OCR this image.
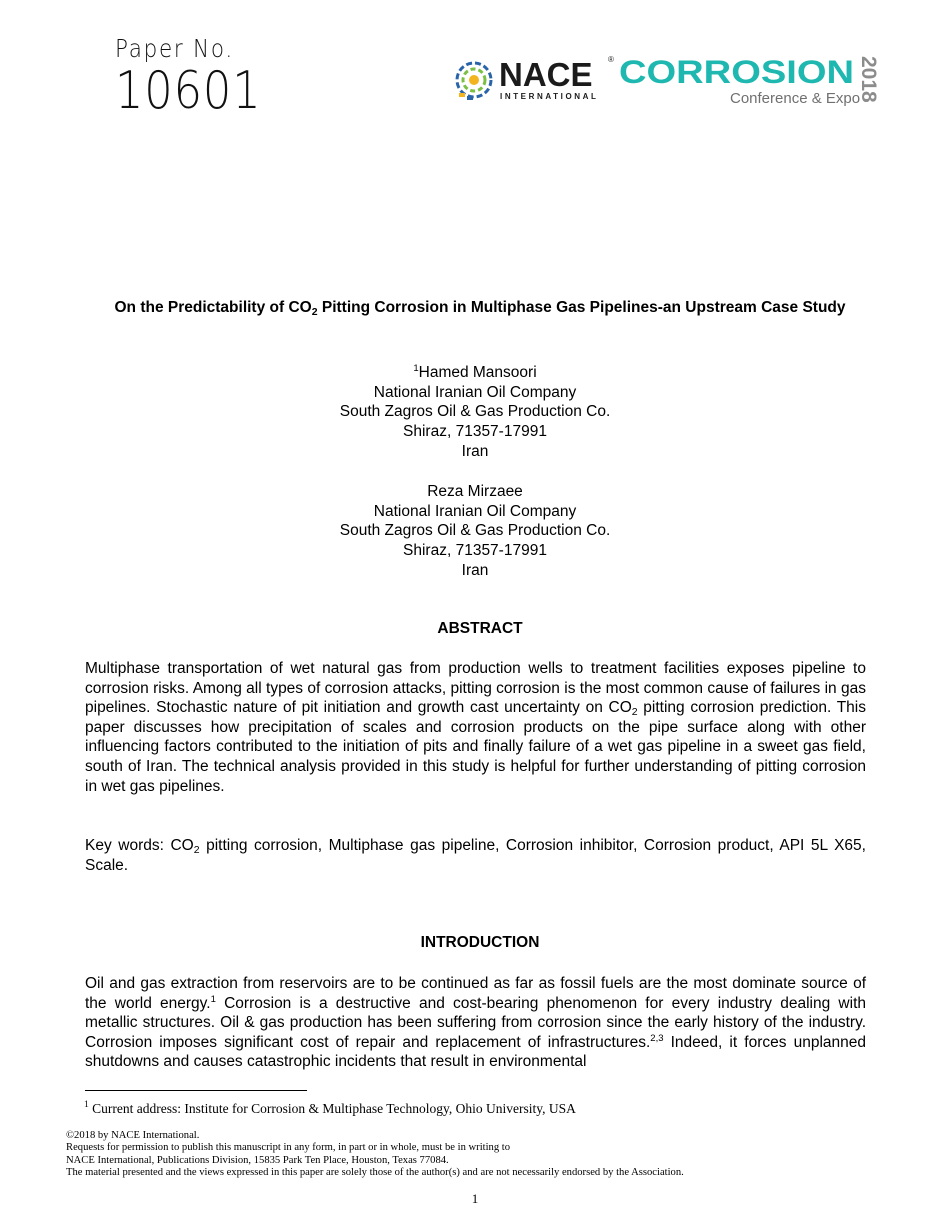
Paper No.
10601	NACE ®
INTERNATIONAL
CORROSION
Conference & Expo
2018
On the Predictability of $CO_2$ Pitting Corrosion in Multiphase Gas Pipelines-an Upstream Case Study
$^1$Hamed Mansoori
National Iranian Oil Company
South Zagros Oil & Gas Production Co.
Shiraz, 71357-17991
Iran
Reza Mirzaee
National Iranian Oil Company
South Zagros Oil & Gas Production Co.
Shiraz, 71357-17991
Iran
ABSTRACT
Multiphase transportation of wet natural gas from production wells to treatment facilities exposes pipeline to corrosion risks. Among all types of corrosion attacks, pitting corrosion is the most common cause of failures in gas pipelines. Stochastic nature of pit initiation and growth cast uncertainty on $CO_2$ pitting corrosion prediction. This paper discusses how precipitation of scales and corrosion products on the pipe surface along with other influencing factors contributed to the initiation of pits and finally failure of a wet gas pipeline in a sweet gas field, south of Iran. The technical analysis provided in this study is helpful for further understanding of pitting corrosion in wet gas pipelines.
Key words: $CO_2$ pitting corrosion, Multiphase gas pipeline, Corrosion inhibitor, Corrosion product, API 5L X65, Scale.
INTRODUCTION
Oil and gas extraction from reservoirs are to be continued as far as fossil fuels are the most dominate source of the world energy.$^1$ Corrosion is a destructive and cost-bearing phenomenon for every industry dealing with metallic structures. Oil & gas production has been suffering from corrosion since the early history of the industry. Corrosion imposes significant cost of repair and replacement of infrastructures.$^{2,3}$ Indeed, it forces unplanned shutdowns and causes catastrophic incidents that result in environmental
$^1$ Current address: Institute for Corrosion & Multiphase Technology, Ohio University, USA
©2018 by NACE International.
Requests for permission to publish this manuscript in any form, in part or in whole, must be in writing to
NACE International, Publications Division, 15835 Park Ten Place, Houston, Texas 77084.
The material presented and the views expressed in this paper are solely those of the author(s) and are not necessarily endorsed by the Association.
1
